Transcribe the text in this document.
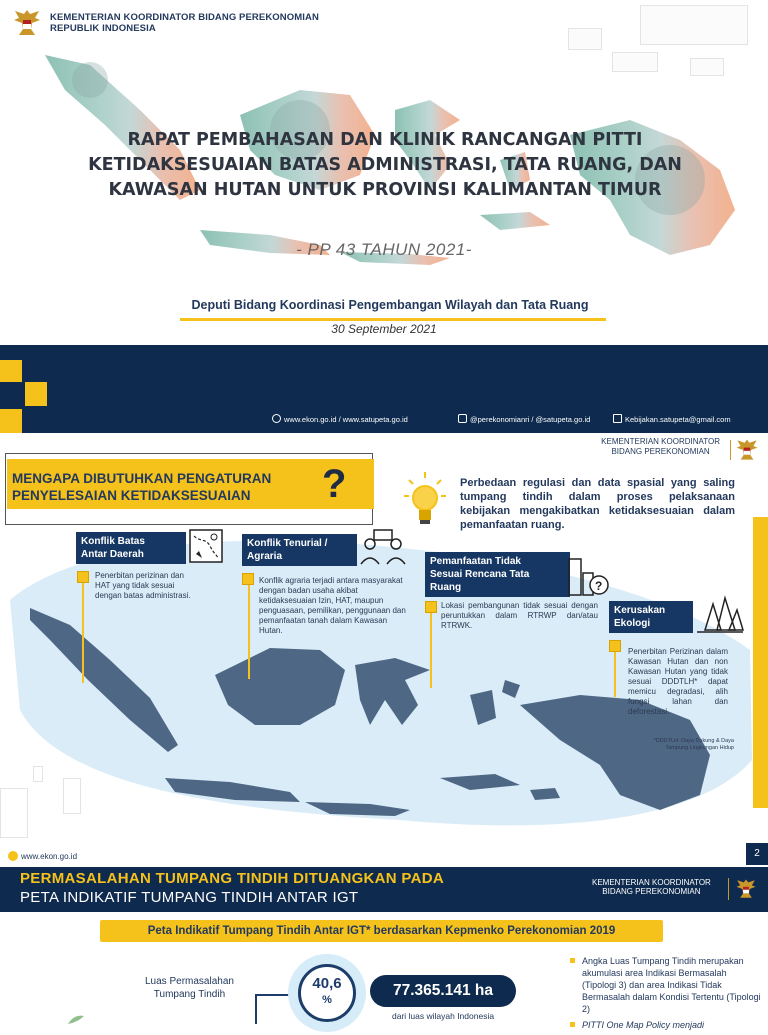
KEMENTERIAN KOORDINATOR BIDANG PEREKONOMIAN
REPUBLIK INDONESIA
RAPAT PEMBAHASAN DAN KLINIK RANCANGAN PITTI
KETIDAKSESUAIAN BATAS ADMINISTRASI, TATA RUANG, DAN
KAWASAN HUTAN UNTUK PROVINSI KALIMANTAN TIMUR
- PP 43 TAHUN 2021-
Deputi Bidang Koordinasi Pengembangan Wilayah dan Tata Ruang
30 September 2021
www.ekon.go.id / www.satupeta.go.id	@perekonomianri / @satupeta.go.id	Kebijakan.satupeta@gmail.com
KEMENTERIAN KOORDINATOR
BIDANG PEREKONOMIAN
MENGAPA DIBUTUHKAN PENGATURAN
PENYELESAIAN KETIDAKSESUAIAN	?	Perbedaan regulasi dan data spasial yang saling tumpang tindih dalam proses pelaksanaan kebijakan mengakibatkan ketidaksesuaian dalam pemanfaatan ruang.
Konflik Batas
Antar Daerah
Penerbitan perizinan dan HAT yang tidak sesuai dengan batas administrasi.
Konflik Tenurial /
Agraria
Konflik agraria terjadi antara masyarakat dengan badan usaha akibat ketidaksesuaian Izin, HAT, maupun penguasaan, pemilikan, penggunaan dan pemanfaatan tanah dalam Kawasan Hutan.
Pemanfaatan Tidak
Sesuai Rencana Tata
Ruang	?
Lokasi pembangunan tidak sesuai dengan peruntukkan dalam RTRWP dan/atau RTRWK.
Kerusakan
Ekologi
Penerbitan Perizinan dalam Kawasan Hutan dan non Kawasan Hutan yang tidak sesuai DDDTLH* dapat memicu degradasi, alih fungsi lahan dan deforestasi.
*DDDTLH: Daya Dukung & Daya Tampung Lingkungan Hidup
www.ekon.go.id	2
PERMASALAHAN TUMPANG TINDIH DITUANGKAN PADA
PETA INDIKATIF TUMPANG TINDIH ANTAR IGT
KEMENTERIAN KOORDINATOR
BIDANG PEREKONOMIAN
Peta Indikatif Tumpang Tindih Antar IGT* berdasarkan Kepmenko Perekonomian 2019
Luas Permasalahan
Tumpang Tindih
40,6
%
77.365.141 ha
dari luas wilayah Indonesia
Angka Luas Tumpang Tindih merupakan akumulasi area Indikasi Bermasalah (Tipologi 3) dan area Indikasi Tidak Bermasalah dalam Kondisi Tertentu (Tipologi 2)
PITTI One Map Policy menjadi
